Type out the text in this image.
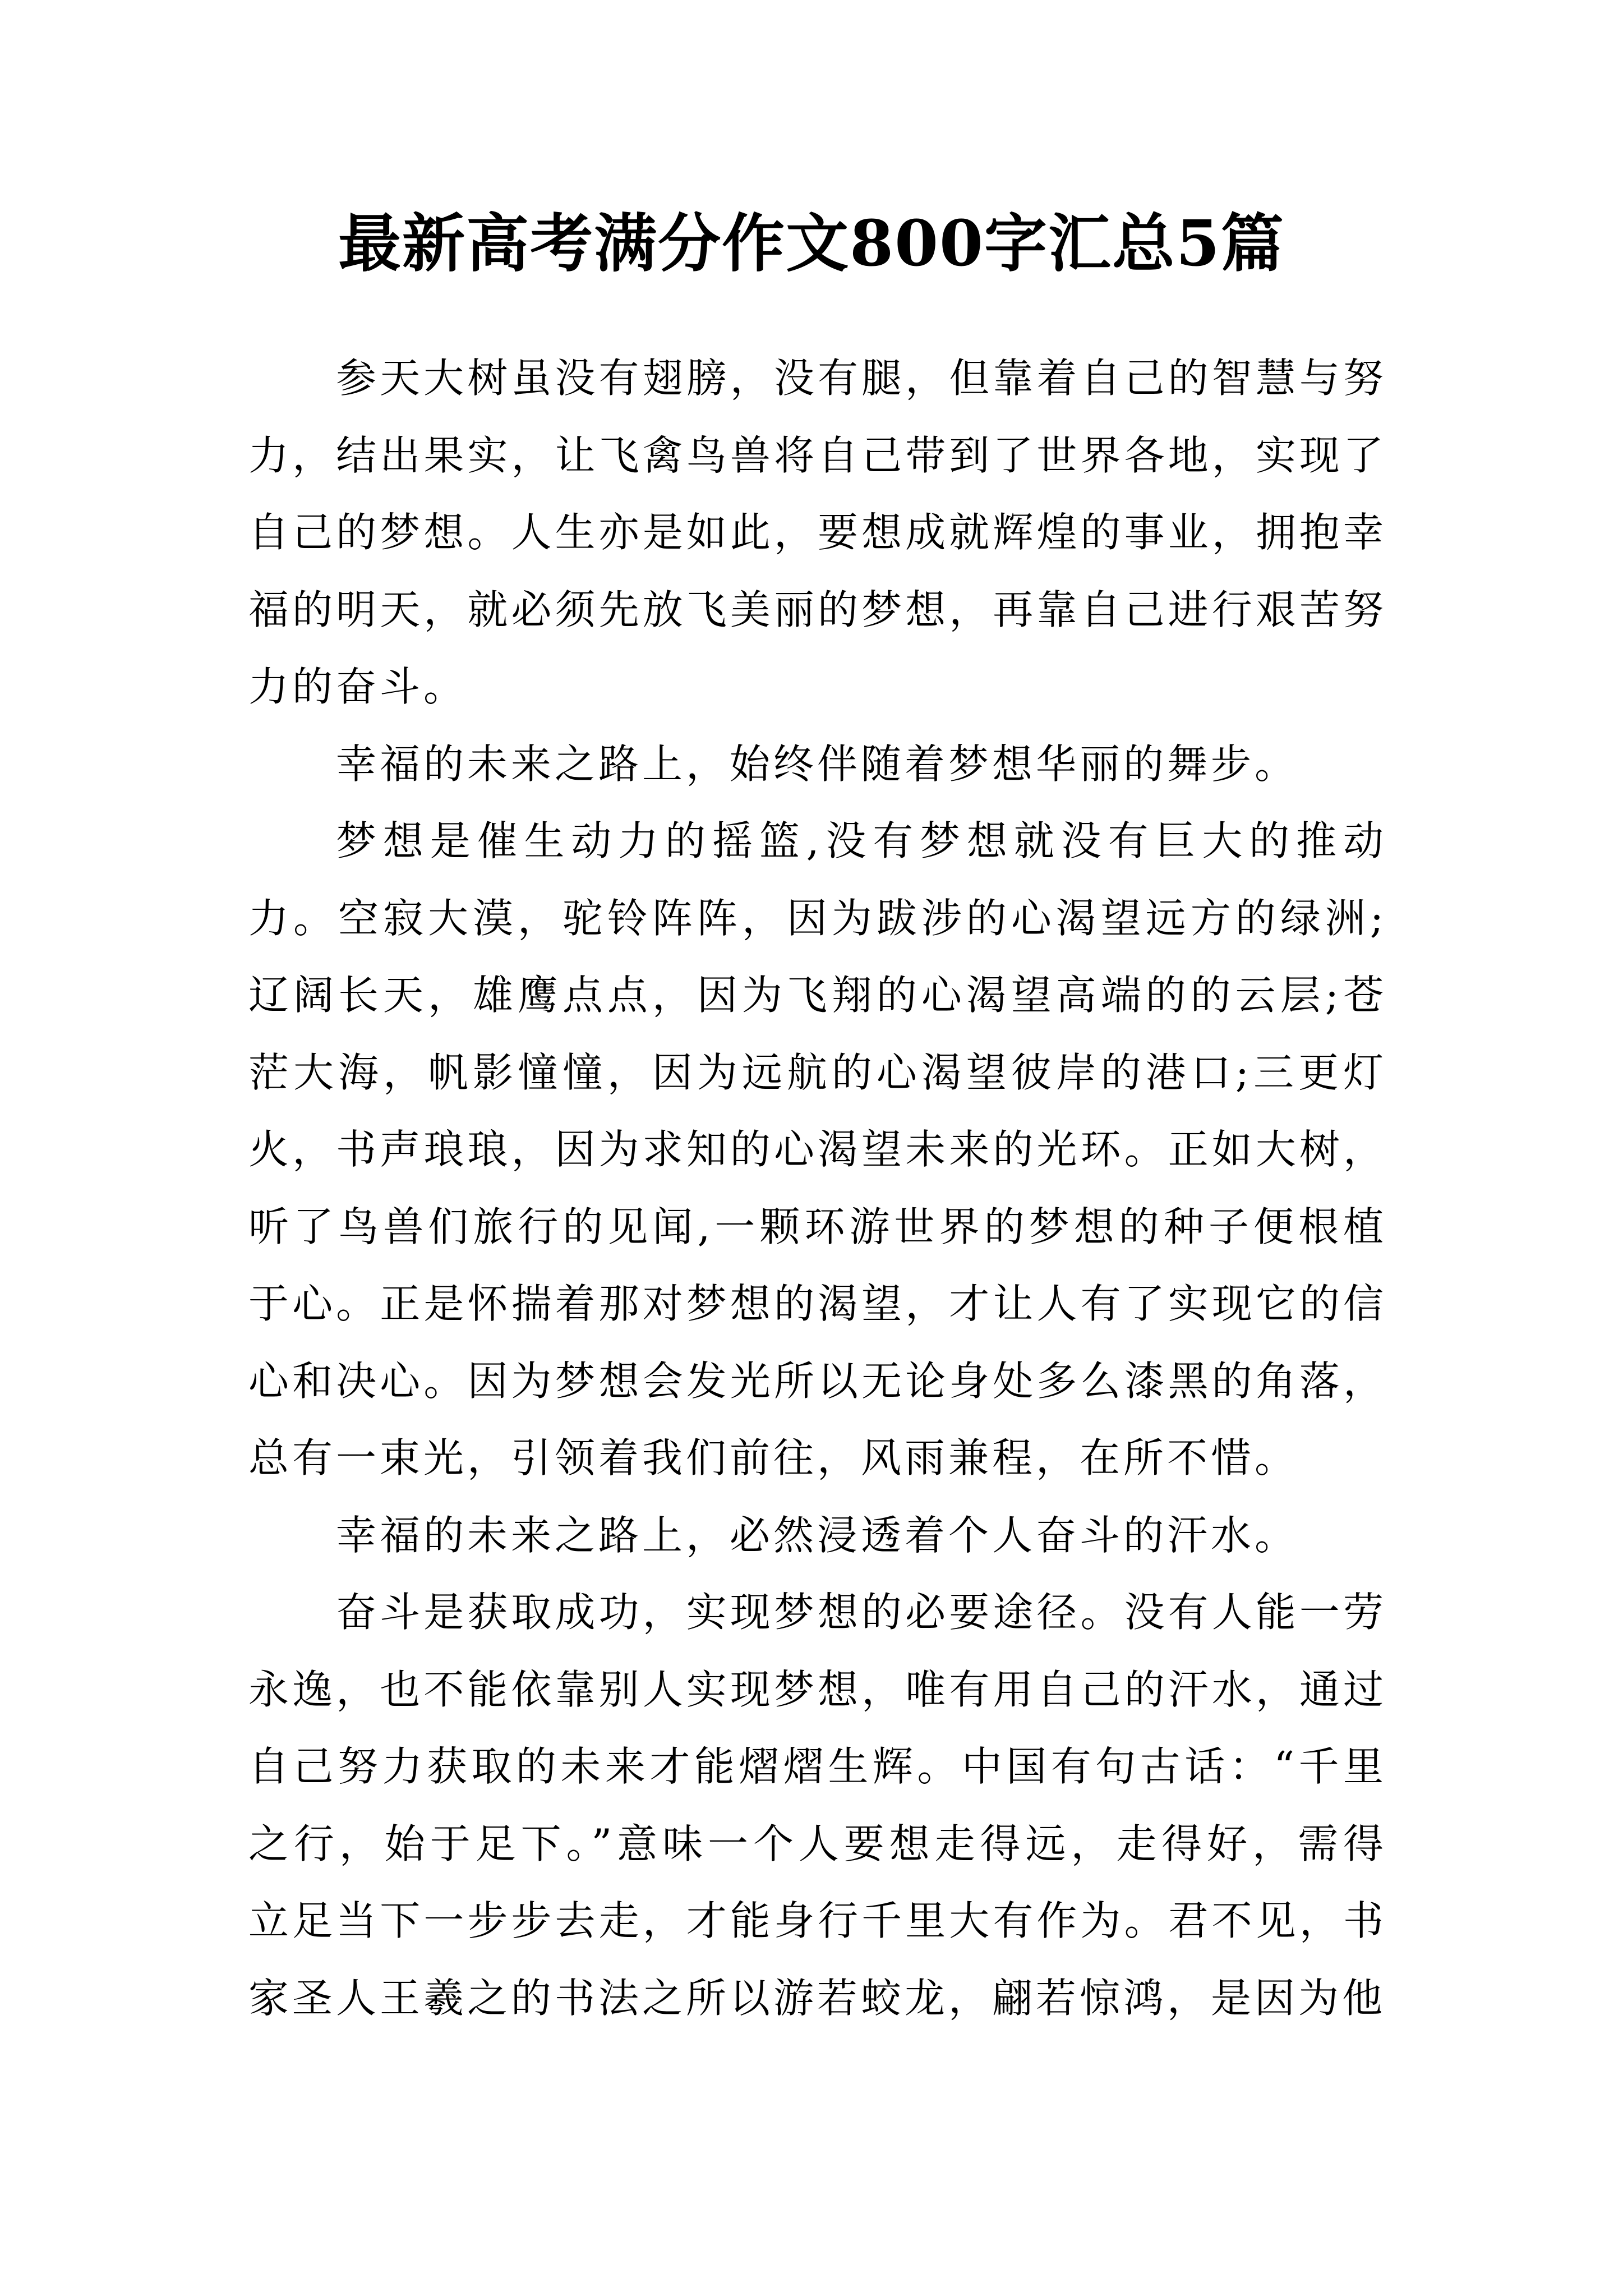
最新高考满分作文800字汇总5篇

参天大树虽没有翅膀，没有腿，但靠着自己的智慧与努力，结出果实，让飞禽鸟兽将自己带到了世界各地，实现了自己的梦想。人生亦是如此，要想成就辉煌的事业，拥抱幸福的明天，就必须先放飞美丽的梦想，再靠自己进行艰苦努力的奋斗。

幸福的未来之路上，始终伴随着梦想华丽的舞步。

梦想是催生动力的摇篮,没有梦想就没有巨大的推动力。空寂大漠，驼铃阵阵，因为跋涉的心渴望远方的绿洲;辽阔长天，雄鹰点点，因为飞翔的心渴望高端的的云层;苍茫大海，帆影憧憧，因为远航的心渴望彼岸的港口;三更灯火，书声琅琅，因为求知的心渴望未来的光环。正如大树，听了鸟兽们旅行的见闻,一颗环游世界的梦想的种子便根植于心。正是怀揣着那对梦想的渴望，才让人有了实现它的信心和决心。因为梦想会发光所以无论身处多么漆黑的角落，总有一束光，引领着我们前往，风雨兼程，在所不惜。

幸福的未来之路上，必然浸透着个人奋斗的汗水。

奋斗是获取成功，实现梦想的必要途径。没有人能一劳永逸，也不能依靠别人实现梦想，唯有用自己的汗水，通过自己努力获取的未来才能熠熠生辉。中国有句古话：“千里之行，始于足下。”意味一个人要想走得远，走得好，需得立足当下一步步去走，才能身行千里大有作为。君不见，书家圣人王羲之的书法之所以游若蛟龙，翩若惊鸿，是因为他
